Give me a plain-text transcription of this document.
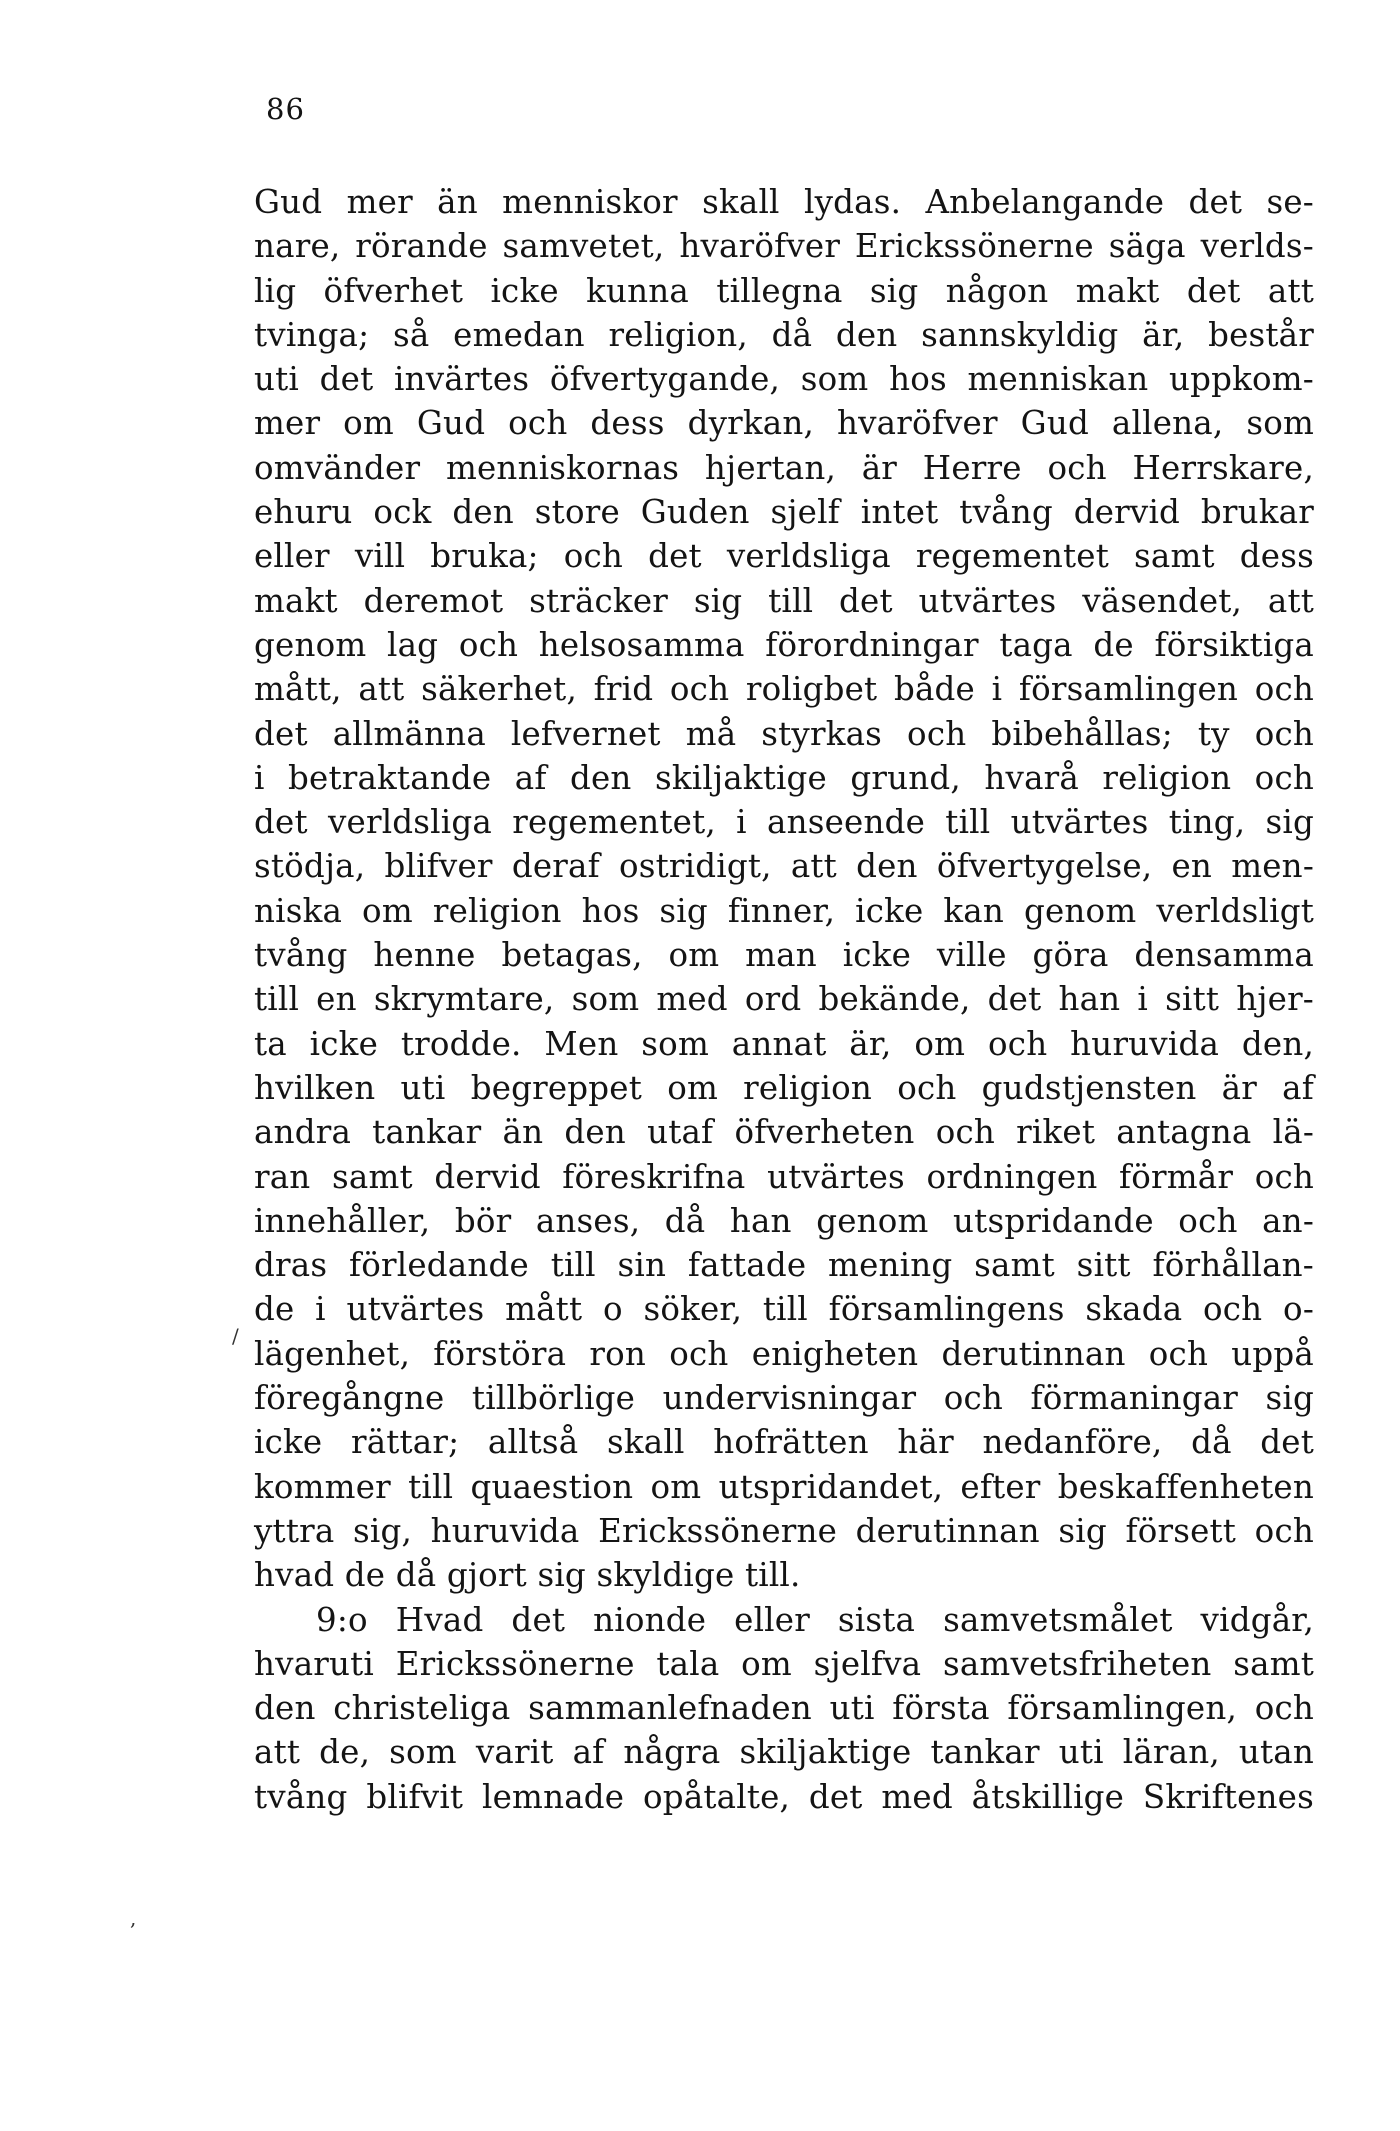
86
/
,
Gud mer än menniskor skall lydas. Anbelangande det se-
nare, rörande samvetet, hvaröfver Erickssönerne säga verlds-
lig öfverhet icke kunna tillegna sig någon makt det att
tvinga; så emedan religion, då den sannskyldig är, består
uti det invärtes öfvertygande, som hos menniskan uppkom-
mer om Gud och dess dyrkan, hvaröfver Gud allena, som
omvänder menniskornas hjertan, är Herre och Herrskare,
ehuru ock den store Guden sjelf intet tvång dervid brukar
eller vill bruka; och det verldsliga regementet samt dess
makt deremot sträcker sig till det utvärtes väsendet, att
genom lag och helsosamma förordningar taga de försiktiga
mått, att säkerhet, frid och roligbet både i församlingen och
det allmänna lefvernet må styrkas och bibehållas; ty och
i betraktande af den skiljaktige grund, hvarå religion och
det verldsliga regementet, i anseende till utvärtes ting, sig
stödja, blifver deraf ostridigt, att den öfvertygelse, en men-
niska om religion hos sig finner, icke kan genom verldsligt
tvång henne betagas, om man icke ville göra densamma
till en skrymtare, som med ord bekände, det han i sitt hjer-
ta icke trodde. Men som annat är, om och huruvida den,
hvilken uti begreppet om religion och gudstjensten är af
andra tankar än den utaf öfverheten och riket antagna lä-
ran samt dervid föreskrifna utvärtes ordningen förmår och
innehåller, bör anses, då han genom utspridande och an-
dras förledande till sin fattade mening samt sitt förhållan-
de i utvärtes mått o söker, till församlingens skada och o-
lägenhet, förstöra ron och enigheten derutinnan och uppå
föregångne tillbörlige undervisningar och förmaningar sig
icke rättar; alltså skall hofrätten här nedanföre, då det
kommer till quaestion om utspridandet, efter beskaffenheten
yttra sig, huruvida Erickssönerne derutinnan sig försett och
hvad de då gjort sig skyldige till.
9:o Hvad det nionde eller sista samvetsmålet vidgår,
hvaruti Erickssönerne tala om sjelfva samvetsfriheten samt
den christeliga sammanlefnaden uti första församlingen, och
att de, som varit af några skiljaktige tankar uti läran, utan
tvång blifvit lemnade opåtalte, det med åtskillige Skriftenes
